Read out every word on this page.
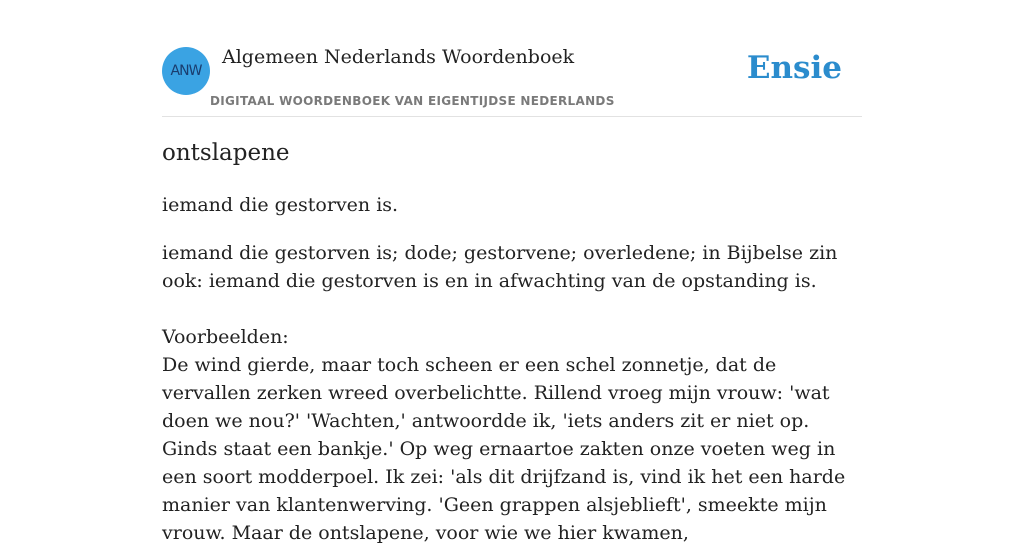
ANW
Algemeen Nederlands Woordenboek
DIGITAAL WOORDENBOEK VAN EIGENTIJDSE NEDERLANDS
Ensie
ontslapene
iemand die gestorven is.

iemand die gestorven is; dode; gestorvene; overledene; in Bijbelse zin ook: iemand die gestorven is en in afwachting van de opstanding is.

Voorbeelden:

De wind gierde, maar toch scheen er een schel zonnetje, dat de vervallen zerken wreed overbelichtte. Rillend vroeg mijn vrouw: 'wat doen we nou?' 'Wachten,' antwoordde ik, 'iets anders zit er niet op. Ginds staat een bankje.' Op weg ernaartoe zakten onze voeten weg in een soort modderpoel. Ik zei: 'als dit drijfzand is, vind ik het een harde manier van klantenwerving. 'Geen grappen alsjeblieft', smeekte mijn vrouw. Maar de ontslapene, voor wie we hier kwamen,
